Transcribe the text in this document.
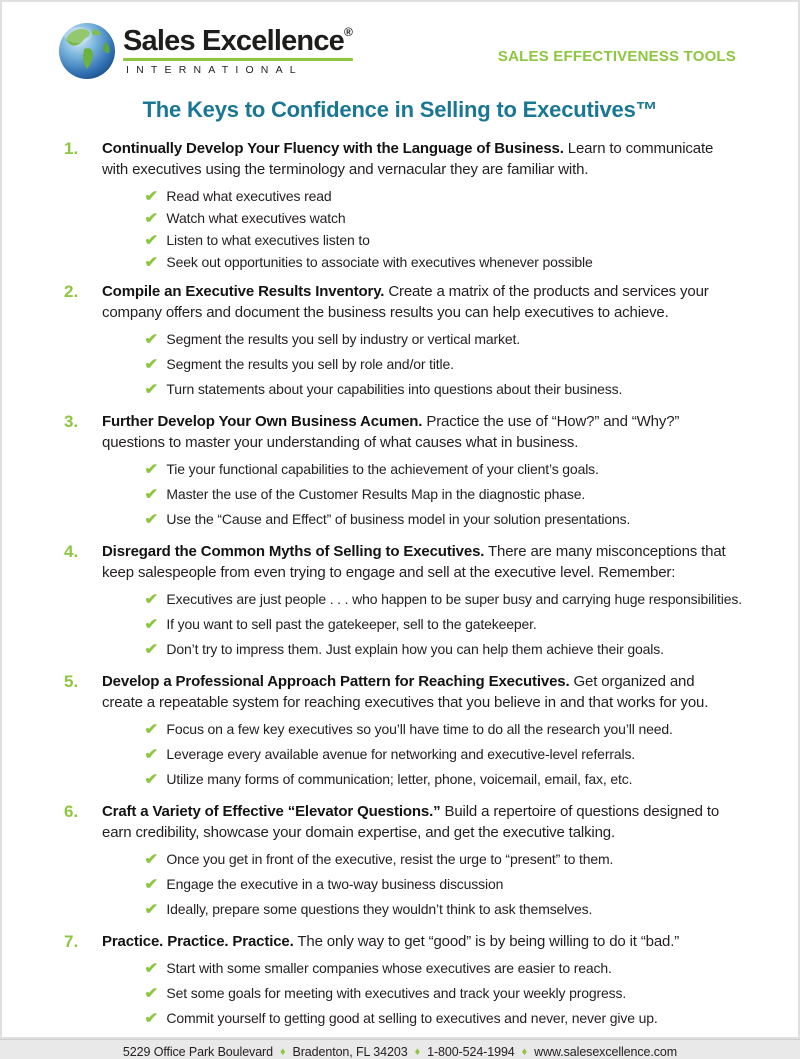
Sales Excellence®
INTERNATIONAL
SALES EFFECTIVENESS TOOLS
The Keys to Confidence in Selling to Executives™
1.	Continually Develop Your Fluency with the Language of Business. Learn to communicate with executives using the terminology and vernacular they are familiar with.

✔ Read what executives read
✔ Watch what executives watch
✔ Listen to what executives listen to
✔ Seek out opportunities to associate with executives whenever possible
2.	Compile an Executive Results Inventory. Create a matrix of the products and services your company offers and document the business results you can help executives to achieve.

✔ Segment the results you sell by industry or vertical market.
✔ Segment the results you sell by role and/or title.
✔ Turn statements about your capabilities into questions about their business.
3.	Further Develop Your Own Business Acumen. Practice the use of “How?” and “Why?” questions to master your understanding of what causes what in business.

✔ Tie your functional capabilities to the achievement of your client’s goals.
✔ Master the use of the Customer Results Map in the diagnostic phase.
✔ Use the “Cause and Effect” of business model in your solution presentations.
4.	Disregard the Common Myths of Selling to Executives. There are many misconceptions that keep salespeople from even trying to engage and sell at the executive level. Remember:

✔ Executives are just people . . . who happen to be super busy and carrying huge responsibilities.
✔ If you want to sell past the gatekeeper, sell to the gatekeeper.
✔ Don’t try to impress them. Just explain how you can help them achieve their goals.
5.	Develop a Professional Approach Pattern for Reaching Executives. Get organized and create a repeatable system for reaching executives that you believe in and that works for you.

✔ Focus on a few key executives so you’ll have time to do all the research you’ll need.
✔ Leverage every available avenue for networking and executive-level referrals.
✔ Utilize many forms of communication; letter, phone, voicemail, email, fax, etc.
6.	Craft a Variety of Effective “Elevator Questions.” Build a repertoire of questions designed to earn credibility, showcase your domain expertise, and get the executive talking.

✔ Once you get in front of the executive, resist the urge to “present” to them.
✔ Engage the executive in a two-way business discussion
✔ Ideally, prepare some questions they wouldn’t think to ask themselves.
7.	Practice. Practice. Practice. The only way to get “good” is by being willing to do it “bad.”

✔ Start with some smaller companies whose executives are easier to reach.
✔ Set some goals for meeting with executives and track your weekly progress.
✔ Commit yourself to getting good at selling to executives and never, never give up.
5229 Office Park Boulevard ♦ Bradenton, FL 34203 ♦ 1-800-524-1994 ♦ www.salesexcellence.com
